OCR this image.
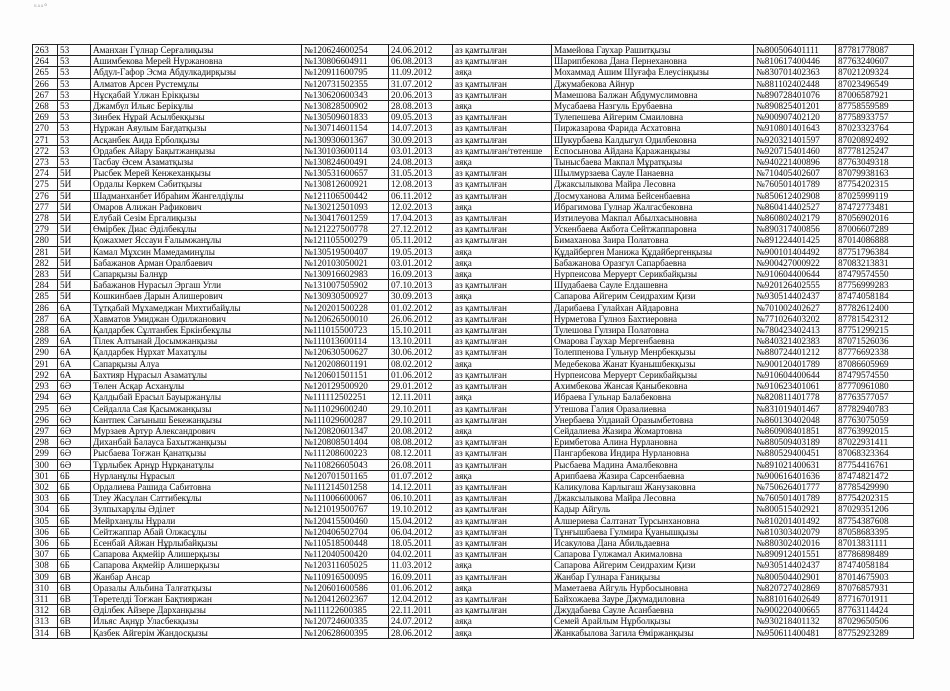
ᵘᵃᵃ°
263	53	Аманхан Гүлнар Серғалиқызы	№120624600254	24.06.2012	аз қамтылған	Мамейова Гаухар Рашитқызы	№800506401111	87781778087
264	53	Ашимбекова Мерей Нуржановна	№130806604911	06.08.2013	аз қамтылған	Шарипбекова Дана Пернехановна	№810617400446	87763240607
265	53	Абдул-Гафор Эсма Абдулкадирқызы	№120911600795	11.09.2012	аяқа	Мохаммад Ашим Шуғафа Елеусінқызы	№830701402363	87021209324
266	53	Алматов Арсен Рустемұлы	№120731502355	31.07.2012	аз қамтылған	Джумабекова Айнур	№881102402448	87023496549
267	53	Нұсқабай Үлжан Ерікқызы	№130620600343	20.06.2013	аз қамтылған	Мамешова Балжан Абдумуслимовна	№890728401076	87006587921
268	53	Джамбул Ильяс Берікұлы	№130828500902	28.08.2013	аяқа	Мусабаева Назгуль Ерубаевна	№890825401201	87758559589
269	53	Зинбек Нұрай Асылбекқызы	№130509601833	09.05.2013	аз қамтылған	Тулепешева Айгерим Смаиловна	№900907402120	87758933757
270	53	Нұржан Аяулым Бағдатқызы	№130714601154	14.07.2013	аз қамтылған	Пиржазарова Фарида Асхатовна	№910801401643	87023323764
271	53	Асқанбек Аида Ерболқызы	№130930601367	30.09.2013	аз қамтылған	Шукурбаева Калдыгул Одилбековна	№920321401597	87020892492
272	53	Ордабек Айару Бақытжанқызы	№130103600114	03.01.2013	аз қамтылған/төтенше	Еспосынова Айдана Қаражанқызы	№920715401460	87778125247
273	53	Тасбау Әсем Азаматқызы	№130824600491	24.08.2013	аяқа	Тыныcбаева Макпал Мұратқызы	№940221400896	87763049318
274	5И	Рысбек Мерей Кенжеханқызы	№130531600657	31.05.2013	аз қамтылған	Шылмурзаева Сауле Панаевна	№710405402607	87079938163
275	5И	Ордалы Көркем Сәбитқызы	№130812600921	12.08.2013	аз қамтылған	Джаксылыкова Майра Лесовна	№760501401789	87754202315
276	5И	Шадманханбет Ибраhим Жангелдіұлы	№121106500442	06.11.2012	аз қамтылған	Досмуханова Алима Бейсенбаевна	№850612402908	87025999119
277	5И	Омаров Алижан Рафикович	№130212501093	12.02.2013	аяқа	Ибрагимова Гулнар Жалгасбековна	№860414402527	87472773481
278	5И	Елубай Сезім Ергалиқызы	№130417601259	17.04.2013	аз қамтылған	Изтилеуова Макпал Абылхасыновна	№860802402179	87056902016
279	5И	Өмірбек Диас Әділбекұлы	№121227500778	27.12.2012	аз қамтылған	Ускенбаева Акбота Сейтжаппаровна	№890317400856	87006607289
280	5И	Қожахмет Яссауи Ғалымжанұлы	№121105500279	05.11.2012	аз қамтылған	Бимаханова Заира Полатовна	№891224401425	87014086888
281	5И	Камал Мұхсин Мамедаминұлы	№130519500407	19.05.2013	аяқа	Құдайберген Манижа Құдайбергенқызы	№900101404492	87751796384
282	5И	Бабажанов Арман Оралбаевич	№120103050021	03.01.2012	аяқа	Бабажанова Оразгул Сапарбаевна	№900427000922	87083213831
283	5И	Сапарқызы Балнұр	№130916602983	16.09.2013	аяқа	Нурпеисова Меруерт Серикбайқызы	№910604400644	87479574550
284	5И	Бабажанов Нурасыл Эргаш Угли	№131007505902	07.10.2013	аз қамтылған	Шудабаева Сауле Елдашевна	№920126402555	87756999283
285	5И	Кошкинбаев Дарын Алишерович	№130930500927	30.09.2013	аяқа	Сапарова Айгерим Сеидрахим Қизи	№930514402437	87474058184
286	6А	Тұтқабай Мұхамеджан Михтибайұлы	№120201500228	01.02.2012	аз қамтылған	Дарибаева Гулайхан Айдаровна	№701002402627	87782612400
287	6А	Хавматов Умиджан Одилжанович	№120626500010	26.06.2012	аз қамтылған	Нурметова Гулноз Бахтиеровна	№771026403202	87781542312
288	6А	Қалдарбек Сұлтанбек Еркінбекұлы	№111015500723	15.10.2011	аз қамтылған	Тулешова Гулзира Полатовна	№780423402413	87751299215
289	6А	Тілек Алтынай Досымжанқызы	№111013600114	13.10.2011	аз қамтылған	Омарова Гаухар Мергенбаевна	№840321402383	87071526036
290	6А	Қалдарбек Нұрхат Махатұлы	№120630500627	30.06.2012	аз қамтылған	Толеппенова Гульнур Менрбекқызы	№880724401212	87776692338
291	6А	Сапарқызы Алуа	№120208601191	08.02.2012	аяқа	Медебекова Жанат Куанышбекқызы	№900120401789	87086605969
292	6А	Бахтияр Нұрасыл Азаматұлы	№120601501151	01.06.2012	аз қамтылған	Нурпеисова Меруерт Серикбайқызы	№910604400644	87479574550
293	6Ә	Төлен Асқар Асханұлы	№120129500920	29.01.2012	аз қамтылған	Ахимбекова Жансая Қаныбековна	№910623401061	87770961080
294	6Ә	Қалдыбай Ерасыл Бауыржанұлы	№111112502251	12.11.2011	аяқа	Ибраева Гульнар Балабековна	№820811401778	87763577057
295	6Ә	Сейдалла Сая Қасымжанқызы	№111029600240	29.10.2011	аз қамтылған	Утешова Галия Оразалиевна	№831019401467	87782940783
296	6Ә	Кантпек Сағыныш Бекежанқызы	№111029600287	29.10.2011	аз қамтылған	Унербаева Улдаиай Оразымбетовна	№860130402048	87763075059
297	6Ә	Мурзаев Артур Александрович	№120820601347	20.08.2012	аяқа	Сейдалиева Жазира Жомартовна	№860908401851	87763992015
298	6Ә	Диханбай Балауса Бахытжанқызы	№120808501404	08.08.2012	аз қамтылған	Еримбетова Алина Нурлановна	№880509403189	87022931411
299	6Ә	Рысбаева Тоғжан Қанатқызы	№111208600223	08.12.2011	аз қамтылған	Пангарбекова Индира Нурлановна	№880529400451	87068323364
300	6Ә	Тұрлыбек Арнұр Нұрқанатұлы	№110826605043	26.08.2011	аз қамтылған	Рысбаева Мадина Амалбековна	№891021400631	87754416761
301	6Б	Нурланұлы Нұрасыл	№120701501165	01.07.2012	аяқа	Арипбаева Жазира Сарсенбаевна	№900616401636	87474821472
302	6Б	Ордалиева Рашида Сабитовна	№111214501258	14.12.2011	аз қамтылған	Каликулова Карлыгаш Жанузаковна	№750626401777	87785429990
303	6Б	Тлеу Жасұлан Саттибекұлы	№111006600067	06.10.2011	аз қамтылған	Джаксылыкова Майра Лесовна	№760501401789	87754202315
304	6Б	Зулпыхарұлы Әділет	№121019500767	19.10.2012	аз қамтылған	Кадыр Айгуль	№800515402921	87029351206
305	6Б	Мейрханұлы Нұрали	№120415500460	15.04.2012	аз қамтылған	Алшериева Салтанат Турсынхановна	№810201401492	87754387608
306	6Б	Сейтжаппар Абай Олжасұлы	№120406502704	06.04.2012	аз қамтылған	Тұнғышбаева Гулмира Қуанышқызы	№810303402079	87058683395
306	6Б	Есенбай Айжан Нұрлыбайқызы	№110518500448	18.05.2011	аз қамтылған	Исакулова Дана Абильдаевна	№880302402016	87013831111
307	6Б	Сапарова Ақмейір Алишерқызы	№112040500420	04.02.2011	аз қамтылған	Сапарова Гулжамал Акималовна	№890912401551	87786898489
308	6Б	Сапарова Ақмейір Алишерқызы	№120311605025	11.03.2012	аяқа	Сапарова Айгерим Сеидрахим Қизи	№930514402437	87474058184
309	6В	Жанбар Ансар	№110916500095	16.09.2011	аз қамтылған	Жанбар Гулнара Ғаниқызы	№800504402901	87014675903
310	6В	Оразалы Альбина Талғатқызы	№120601600586	01.06.2012	аяқа	Маметаева Айгуль Нурбосыновна	№820727402869	87076857931
311	6В	Төретелді Тоғжан Бақтияржан	№120412602367	12.04.2012	аз қамтылған	Байхожаева Зауре Джумадиловна	№881016402649	87716701911
312	6В	Әділбек Айзере Дарханқызы	№111122600385	22.11.2011	аз қамтылған	Джудабаева Сауле Асанбаевна	№900220400665	87763114424
313	6В	Ильяс Ақнұр Уласбекқызы	№120724600335	24.07.2012	аяқа	Семей Арайлым Нұрболқызы	№930218401132	87029650506
314	6В	Қазбек Айгерім Жандосқызы	№120628600395	28.06.2012	аяқа	Жанкабылова Загила Өміржанқызы	№950611400481	87752923289
